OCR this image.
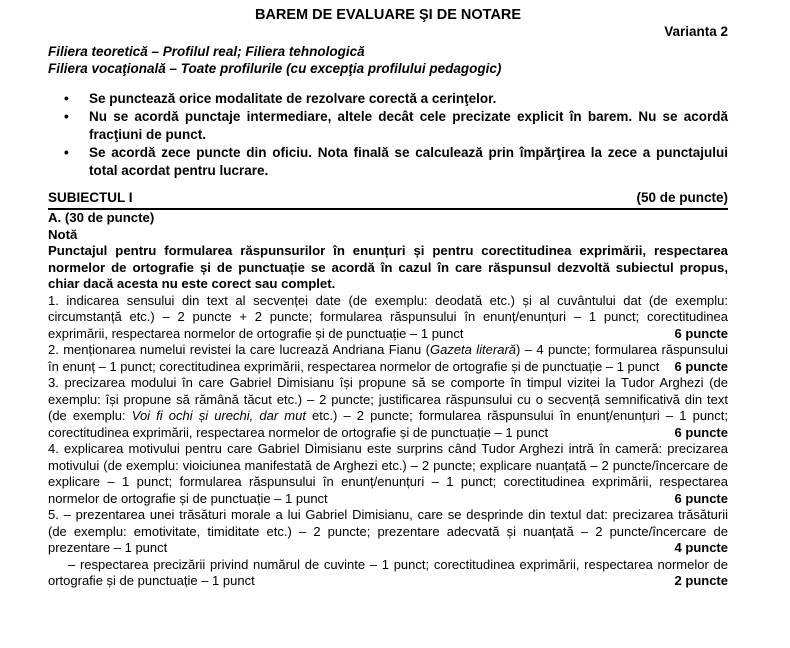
BAREM DE EVALUARE ŞI DE NOTARE
Varianta 2
Filiera teoretică – Profilul real; Filiera tehnologică
Filiera vocaţională – Toate profilurile (cu excepţia profilului pedagogic)
•	Se punctează orice modalitate de rezolvare corectă a cerinţelor.
•	Nu se acordă punctaje intermediare, altele decât cele precizate explicit în barem. Nu se acordă fracţiuni de punct.
•	Se acordă zece puncte din oficiu. Nota finală se calculează prin împărţirea la zece a punctajului total acordat pentru lucrare.
SUBIECTUL I	(50 de puncte)
A. (30 de puncte)
Notă

Punctajul pentru formularea răspunsurilor în enunțuri și pentru corectitudinea exprimării, respectarea normelor de ortografie și de punctuație se acordă în cazul în care răspunsul dezvoltă subiectul propus, chiar dacă acesta nu este corect sau complet.

1. indicarea sensului din text al secvenței date (de exemplu: deodată etc.) și al cuvântului dat (de exemplu: circumstanță etc.) – 2 puncte + 2 puncte; formularea răspunsului în enunț/enunțuri – 1 punct; corectitudinea exprimării, respectarea normelor de ortografie și de punctuație – 1 punct	6 puncte

2. menționarea numelui revistei la care lucrează Andriana Fianu (Gazeta literară) – 4 puncte; formularea răspunsului în enunț – 1 punct; corectitudinea exprimării, respectarea normelor de ortografie și de punctuație – 1 punct	6 puncte

3. precizarea modului în care Gabriel Dimisianu își propune să se comporte în timpul vizitei la Tudor Arghezi (de exemplu: își propune să rămână tăcut etc.) – 2 puncte; justificarea răspunsului cu o secvență semnificativă din text (de exemplu: Voi fi ochi și urechi, dar mut etc.) – 2 puncte; formularea răspunsului în enunț/enunțuri – 1 punct; corectitudinea exprimării, respectarea normelor de ortografie și de punctuație – 1 punct	6 puncte

4. explicarea motivului pentru care Gabriel Dimisianu este surprins când Tudor Arghezi intră în cameră: precizarea motivului (de exemplu: vioiciunea manifestată de Arghezi etc.) – 2 puncte; explicare nuanțată – 2 puncte/încercare de explicare – 1 punct; formularea răspunsului în enunț/enunțuri – 1 punct; corectitudinea exprimării, respectarea normelor de ortografie și de punctuație – 1 punct	6 puncte

5. – prezentarea unei trăsături morale a lui Gabriel Dimisianu, care se desprinde din textul dat: precizarea trăsăturii (de exemplu: emotivitate, timiditate etc.) – 2 puncte; prezentare adecvată și nuanțată – 2 puncte/încercare de prezentare – 1 punct	4 puncte

– respectarea precizării privind numărul de cuvinte – 1 punct; corectitudinea exprimării, respectarea normelor de ortografie și de punctuație – 1 punct	2 puncte
